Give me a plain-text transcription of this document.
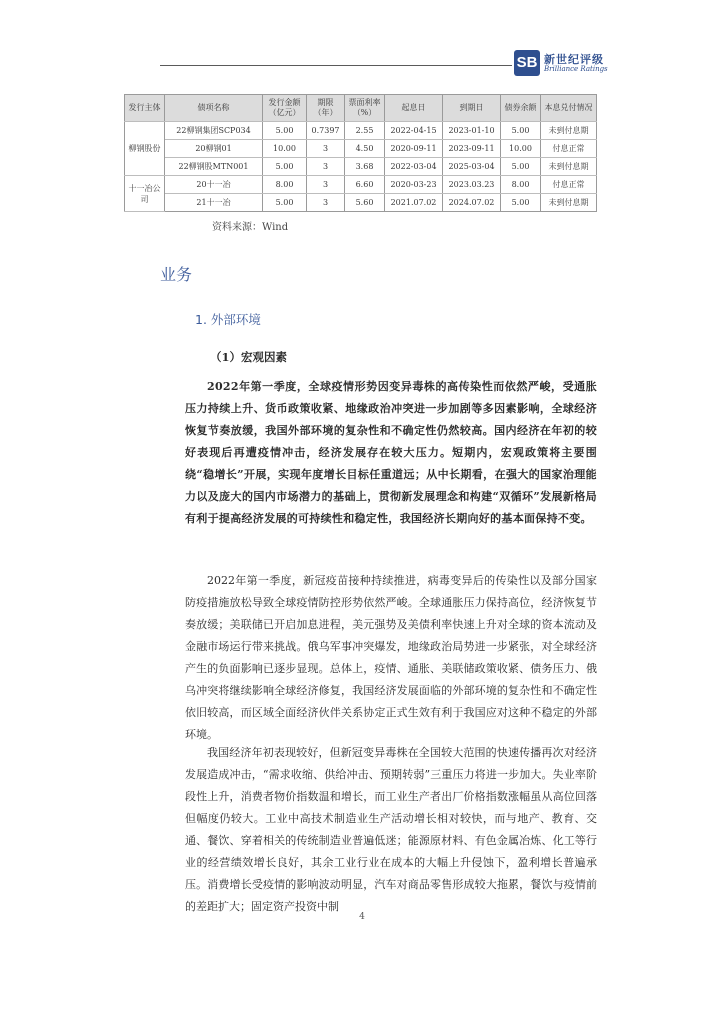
SB 新世纪评级
Brilliance Ratings
发行主体	债项名称	发行金额（亿元）	期限（年）	票面利率（%）	起息日	到期日	债券余额	本息兑付情况
柳钢股份	22柳钢集团SCP034	5.00	0.7397	2.55	2022-04-15	2023-01-10	5.00	未到付息期
	20柳钢01	10.00	3	4.50	2020-09-11	2023-09-11	10.00	付息正常
	22柳钢股MTN001	5.00	3	3.68	2022-03-04	2025-03-04	5.00	未到付息期
十一冶公司	20十一冶	8.00	3	6.60	2020-03-23	2023.03.23	8.00	付息正常
	21十一冶	5.00	3	5.60	2021.07.02	2024.07.02	5.00	未到付息期
资料来源：Wind
业务
1. 外部环境
（1）宏观因素

2022年第一季度，全球疫情形势因变异毒株的高传染性而依然严峻，受通胀压力持续上升、货币政策收紧、地缘政治冲突进一步加剧等多因素影响，全球经济恢复节奏放缓，我国外部环境的复杂性和不确定性仍然较高。国内经济在年初的较好表现后再遭疫情冲击，经济发展存在较大压力。短期内，宏观政策将主要围绕“稳增长”开展，实现年度增长目标任重道远；从中长期看，在强大的国家治理能力以及庞大的国内市场潜力的基础上，贯彻新发展理念和构建“双循环”发展新格局有利于提高经济发展的可持续性和稳定性，我国经济长期向好的基本面保持不变。

2022年第一季度，新冠疫苗接种持续推进，病毒变异后的传染性以及部分国家防疫措施放松导致全球疫情防控形势依然严峻。全球通胀压力保持高位，经济恢复节奏放缓；美联储已开启加息进程，美元强势及美债利率快速上升对全球的资本流动及金融市场运行带来挑战。俄乌军事冲突爆发，地缘政治局势进一步紧张，对全球经济产生的负面影响已逐步显现。总体上，疫情、通胀、美联储政策收紧、债务压力、俄乌冲突将继续影响全球经济修复，我国经济发展面临的外部环境的复杂性和不确定性依旧较高，而区域全面经济伙伴关系协定正式生效有利于我国应对这种不稳定的外部环境。

我国经济年初表现较好，但新冠变异毒株在全国较大范围的快速传播再次对经济发展造成冲击，“需求收缩、供给冲击、预期转弱”三重压力将进一步加大。失业率阶段性上升，消费者物价指数温和增长，而工业生产者出厂价格指数涨幅虽从高位回落但幅度仍较大。工业中高技术制造业生产活动增长相对较快，而与地产、教育、交通、餐饮、穿着相关的传统制造业普遍低迷；能源原材料、有色金属冶炼、化工等行业的经营绩效增长良好，其余工业行业在成本的大幅上升侵蚀下，盈利增长普遍承压。消费增长受疫情的影响波动明显，汽车对商品零售形成较大拖累，餐饮与疫情前的差距扩大；固定资产投资中制

4
